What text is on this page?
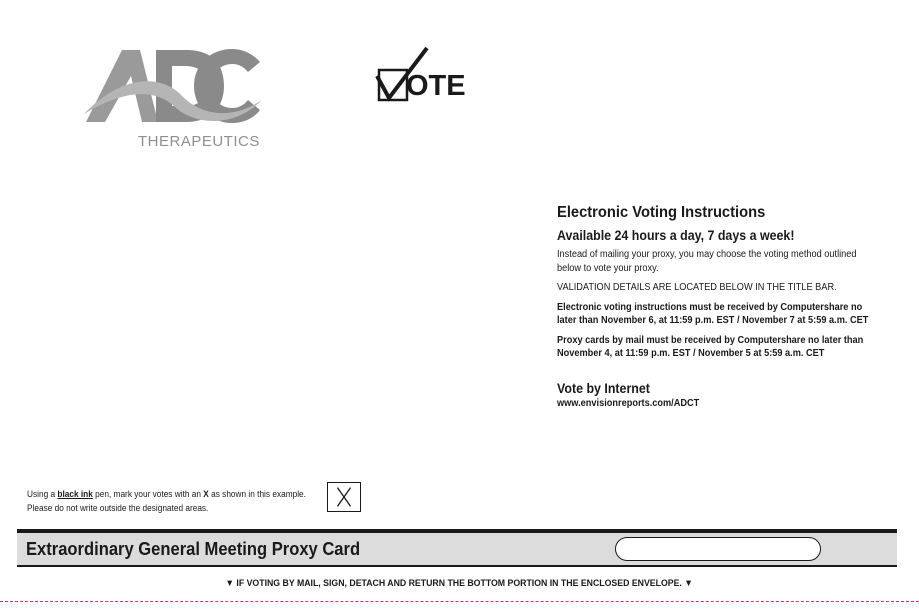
THERAPEUTICS
OTE
Electronic Voting Instructions
Available 24 hours a day, 7 days a week!

Instead of mailing your proxy, you may choose the voting method outlined below to vote your proxy.

VALIDATION DETAILS ARE LOCATED BELOW IN THE TITLE BAR.

Electronic voting instructions must be received by Computershare no later than November 6, at 11:59 p.m. EST / November 7 at 5:59 a.m. CET

Proxy cards by mail must be received by Computershare no later than November 4, at 11:59 p.m. EST / November 5 at 5:59 a.m. CET

Vote by Internet

www.envisionreports.com/ADCT

Using a black ink pen, mark your votes with an X as shown in this example.
Please do not write outside the designated areas.
Extraordinary General Meeting Proxy Card
▼ IF VOTING BY MAIL, SIGN, DETACH AND RETURN THE BOTTOM PORTION IN THE ENCLOSED ENVELOPE. ▼
